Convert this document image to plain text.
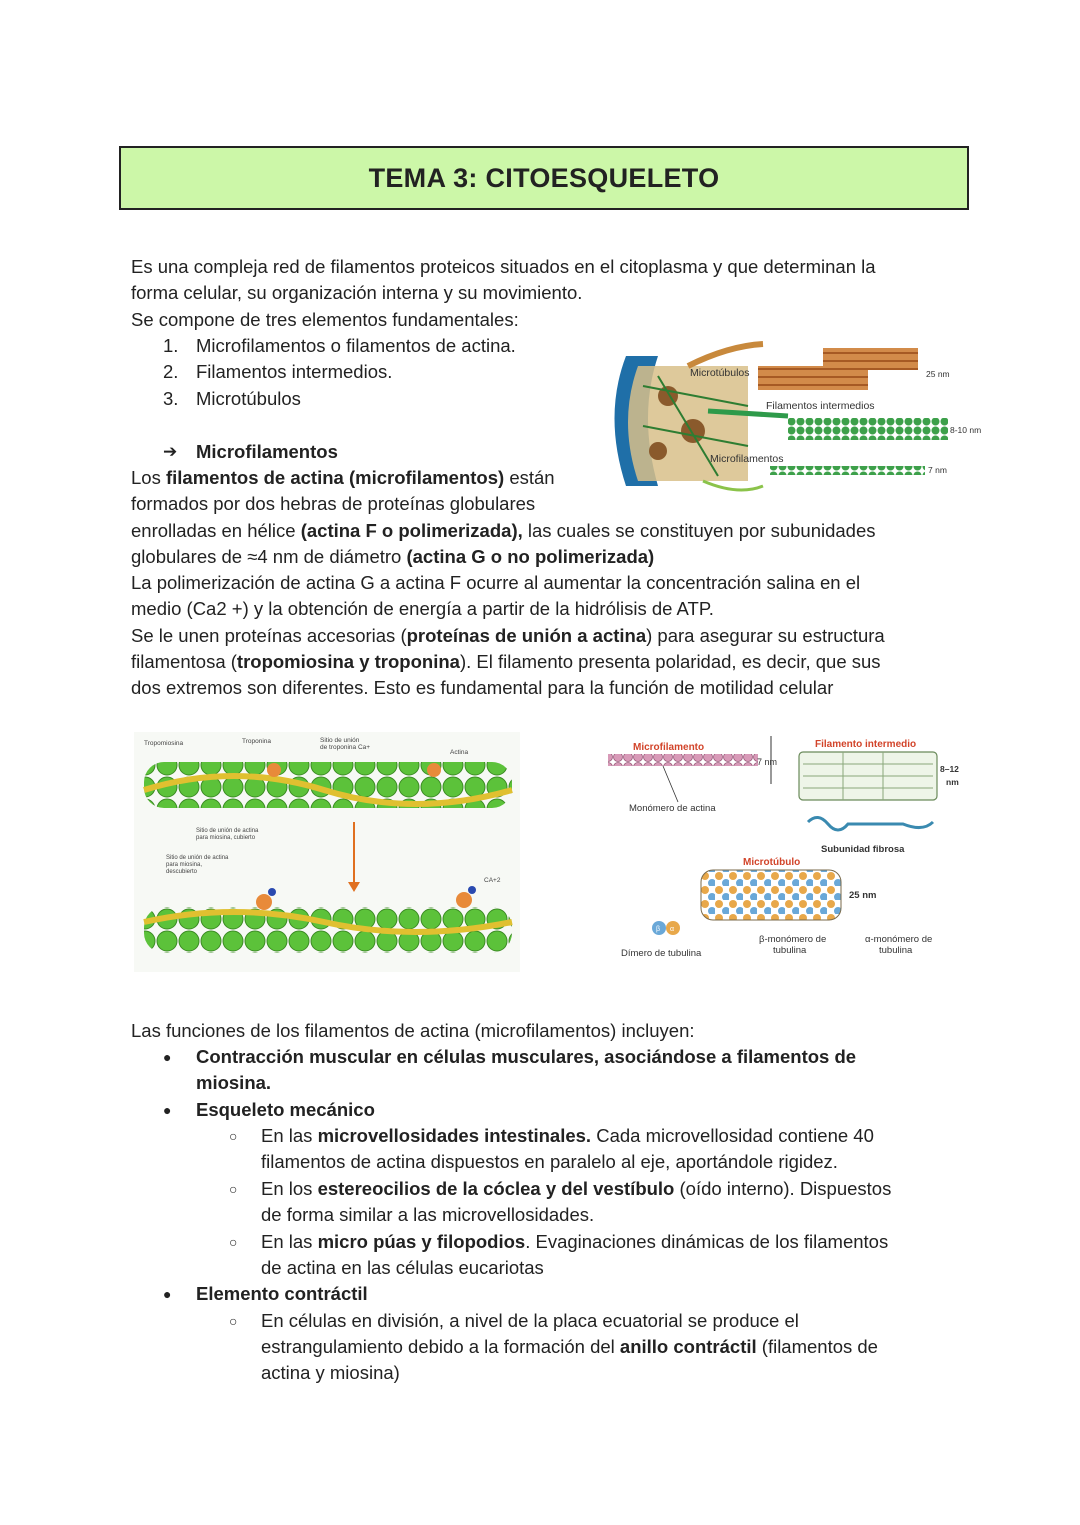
TEMA 3: CITOESQUELETO
Es una compleja red de filamentos proteicos situados en el citoplasma y que determinan la
forma celular, su organización interna y su movimiento.
Se compone de tres elementos fundamentales:
1. Microfilamentos o filamentos de actina.
2. Filamentos intermedios.
3. Microtúbulos
➔ Microfilamentos
Los filamentos de actina (microfilamentos) están
formados por dos hebras de proteínas globulares
enrolladas en hélice (actina F o polimerizada), las cuales se constituyen por subunidades
globulares de ≈4 nm de diámetro (actina G o no polimerizada)
La polimerización de actina G a actina F ocurre al aumentar la concentración salina en el
medio (Ca2 +) y la obtención de energía a partir de la hidrólisis de ATP.
Se le unen proteínas accesorias (proteínas de unión a actina) para asegurar su estructura
filamentosa (tropomiosina y troponina). El filamento presenta polaridad, es decir, que sus
dos extremos son diferentes. Esto es fundamental para la función de motilidad celular
Microtúbulos	25 nm
Filamentos intermedios
8-10 nm
Microfilamentos
7 nm
Tropomiosina	Troponina	Sitio de unión
de troponina Ca+
Actina
Sitio de unión de actina
para miosina, cubierto
Sitio de unión de actina
para miosina,
descubierto
CA+2
Microfilamento
7 nm
Monómero de actina
Filamento intermedio
8–12
nm
Subunidad fibrosa
Microtúbulo
25 nm
β α
Dímero de tubulina
β-monómero de
tubulina
α-monómero de
tubulina
Las funciones de los filamentos de actina (microfilamentos) incluyen:
● Contracción muscular en células musculares, asociándose a filamentos de
miosina.
● Esqueleto mecánico
○ En las microvellosidades intestinales. Cada microvellosidad contiene 40
filamentos de actina dispuestos en paralelo al eje, aportándole rigidez.
○ En los estereocilios de la cóclea y del vestíbulo (oído interno). Dispuestos
de forma similar a las microvellosidades.
○ En las micro púas y filopodios. Evaginaciones dinámicas de los filamentos
de actina en las células eucariotas
● Elemento contráctil
○ En células en división, a nivel de la placa ecuatorial se produce el
estrangulamiento debido a la formación del anillo contráctil (filamentos de
actina y miosina)
